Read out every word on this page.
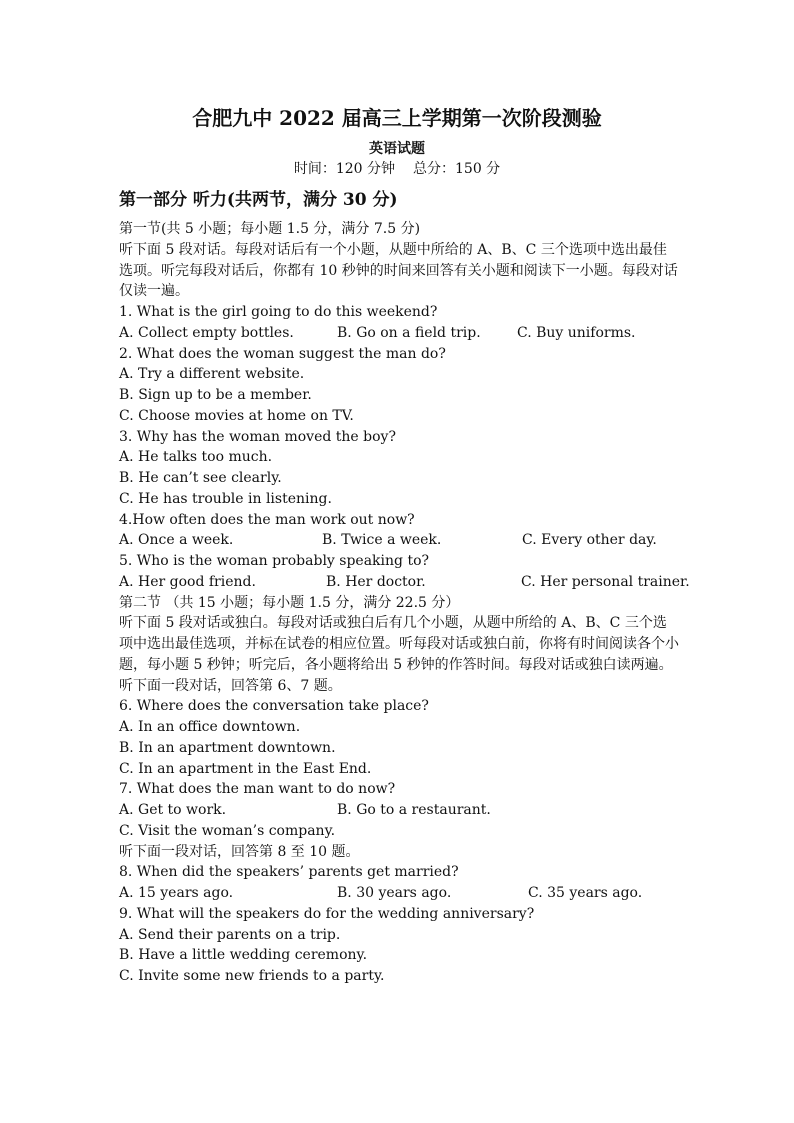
合肥九中 2022 届高三上学期第一次阶段测验
英语试题
时间：120 分钟 总分：150 分
第一部分 听力(共两节，满分 30 分)
第一节(共 5 小题；每小题 1.5 分，满分 7.5 分)
听下面 5 段对话。每段对话后有一个小题，从题中所给的 A、B、C 三个选项中选出最佳选项。听完每段对话后，你都有 10 秒钟的时间来回答有关小题和阅读下一小题。每段对话仅读一遍。
1. What is the girl going to do this weekend?
A. Collect empty bottles.	B. Go on a field trip.	C. Buy uniforms.
2. What does the woman suggest the man do?
A. Try a different website.
B. Sign up to be a member.
C. Choose movies at home on TV.
3. Why has the woman moved the boy?
A. He talks too much.
B. He can’t see clearly.
C. He has trouble in listening.
4.How often does the man work out now?
A. Once a week.	B. Twice a week.	C. Every other day.
5. Who is the woman probably speaking to?
A. Her good friend.	B. Her doctor.	C. Her personal trainer.
第二节 （共 15 小题；每小题 1.5 分，满分 22.5 分）
听下面 5 段对话或独白。每段对话或独白后有几个小题，从题中所给的 A、B、C 三个选项中选出最佳选项，并标在试卷的相应位置。听每段对话或独白前，你将有时间阅读各个小题，每小题 5 秒钟；听完后，各小题将给出 5 秒钟的作答时间。每段对话或独白读两遍。
听下面一段对话，回答第 6、7 题。
6. Where does the conversation take place?
A. In an office downtown.
B. In an apartment downtown.
C. In an apartment in the East End.
7. What does the man want to do now?
A. Get to work.	B. Go to a restaurant.
C. Visit the woman’s company.
听下面一段对话，回答第 8 至 10 题。
8. When did the speakers’ parents get married?
A. 15 years ago.	B. 30 years ago.	C. 35 years ago.
9. What will the speakers do for the wedding anniversary?
A. Send their parents on a trip.
B. Have a little wedding ceremony.
C. Invite some new friends to a party.
